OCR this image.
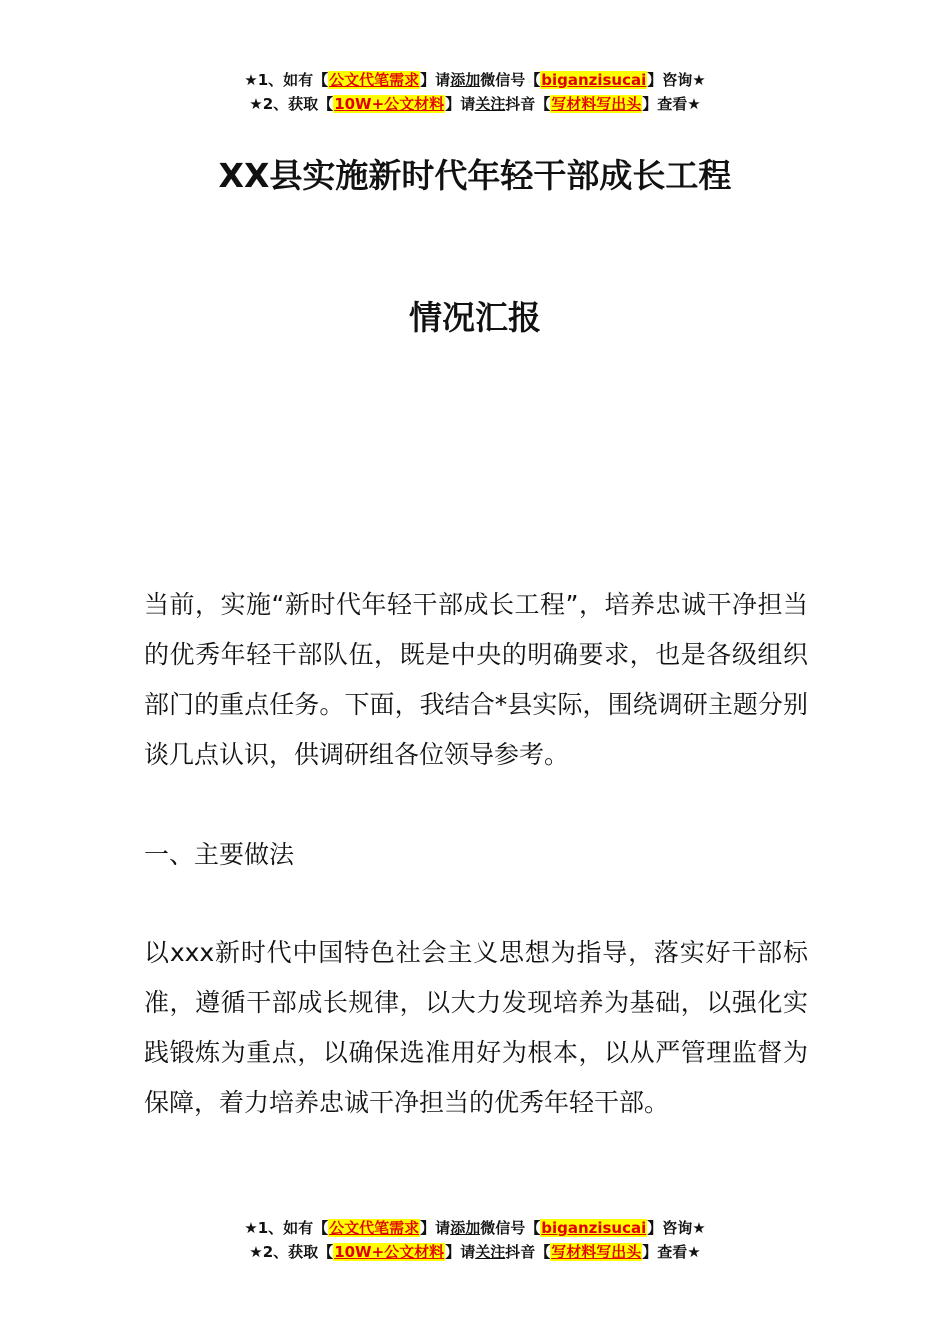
★1、如有【公文代笔需求】请添加微信号【biganzisucai】咨询★
★2、获取【10W+公文材料】请关注抖音【写材料写出头】查看★
XX县实施新时代年轻干部成长工程
情况汇报
当前，实施“新时代年轻干部成长工程”，培养忠诚干净担当的优秀年轻干部队伍，既是中央的明确要求，也是各级组织部门的重点任务。下面，我结合*县实际，围绕调研主题分别谈几点认识，供调研组各位领导参考。
一、主要做法
以xxx新时代中国特色社会主义思想为指导，落实好干部标准，遵循干部成长规律，以大力发现培养为基础，以强化实践锻炼为重点，以确保选准用好为根本，以从严管理监督为保障，着力培养忠诚干净担当的优秀年轻干部。
★1、如有【公文代笔需求】请添加微信号【biganzisucai】咨询★
★2、获取【10W+公文材料】请关注抖音【写材料写出头】查看★
